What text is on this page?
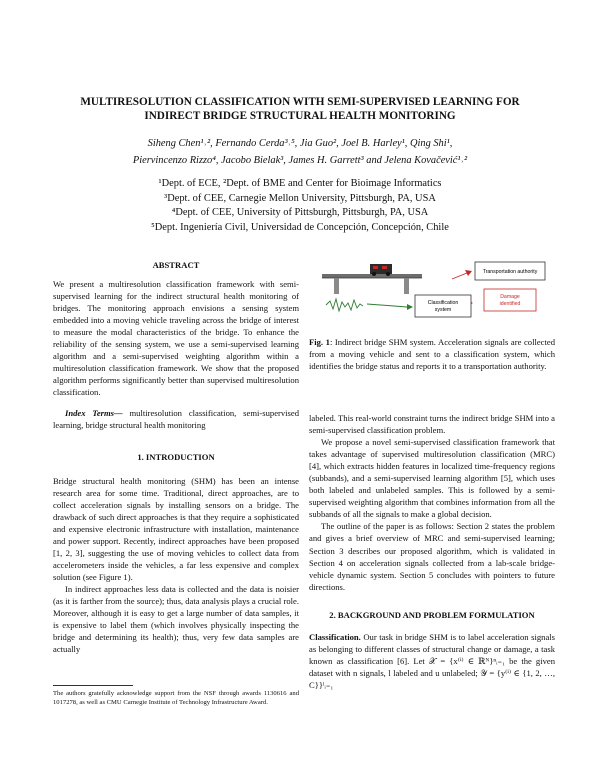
MULTIRESOLUTION CLASSIFICATION WITH SEMI-SUPERVISED LEARNING FOR
INDIRECT BRIDGE STRUCTURAL HEALTH MONITORING
Siheng Chen¹˒², Fernando Cerda³˒⁵, Jia Guo², Joel B. Harley¹, Qing Shi¹,
Piervincenzo Rizzo⁴, Jacobo Bielak³, James H. Garrett³ and Jelena Kovačević¹˒²
¹Dept. of ECE, ²Dept. of BME and Center for Bioimage Informatics
³Dept. of CEE, Carnegie Mellon University, Pittsburgh, PA, USA
⁴Dept. of CEE, University of Pittsburgh, Pittsburgh, PA, USA
⁵Dept. Ingeniería Civil, Universidad de Concepción, Concepción, Chile

ABSTRACT

We present a multiresolution classification framework with semi-supervised learning for the indirect structural health monitoring of bridges. The monitoring approach envisions a sensing system embedded into a moving vehicle traveling across the bridge of interest to measure the modal characteristics of the bridge. To enhance the reliability of the sensing system, we use a semi-supervised learning algorithm and a semi-supervised weighting algorithm within a multiresolution classification framework. We show that the proposed algorithm performs significantly better than supervised multiresolution classification.

Index Terms— multiresolution classification, semi-supervised learning, bridge structural health monitoring

1. INTRODUCTION

Bridge structural health monitoring (SHM) has been an intense research area for some time. Traditional, direct approaches, are to collect acceleration signals by installing sensors on a bridge. The drawback of such direct approaches is that they require a sophisticated and expensive electronic infrastructure with installation, maintenance and power support. Recently, indirect approaches have been proposed [1, 2, 3], suggesting the use of moving vehicles to collect data from accelerometers inside the vehicles, a far less expensive and complex solution (see Figure 1).

In indirect approaches less data is collected and the data is noisier (as it is farther from the source); thus, data analysis plays a crucial role. Moreover, although it is easy to get a large number of data samples, it is expensive to label them (which involves physically inspecting the bridge and determining its health); thus, very few data samples are actually

Classification
system
Transportation authority
Damage
identified
Fig. 1: Indirect bridge SHM system. Acceleration signals are collected from a moving vehicle and sent to a classification system, which identifies the bridge status and reports it to a transportation authority.

labeled. This real-world constraint turns the indirect bridge SHM into a semi-supervised classification problem.

We propose a novel semi-supervised classification framework that takes advantage of supervised multiresolution classification (MRC) [4], which extracts hidden features in localized time-frequency regions (subbands), and a semi-supervised learning algorithm [5], which uses both labeled and unlabeled samples. This is followed by a semi-supervised weighting algorithm that combines information from all the subbands of all the signals to make a global decision.

The outline of the paper is as follows: Section 2 states the problem and gives a brief overview of MRC and semi-supervised learning; Section 3 describes our proposed algorithm, which is validated in Section 4 on acceleration signals collected from a lab-scale bridge-vehicle dynamic system. Section 5 concludes with pointers to future directions.

2. BACKGROUND AND PROBLEM FORMULATION

Classification. Our task in bridge SHM is to label acceleration signals as belonging to different classes of structural change or damage, a task known as classification [6]. Let 𝒳 = {x⁽ⁱ⁾ ∈ ℝᴺ}ⁿᵢ₌₁ be the given dataset with n signals, l labeled and u unlabeled; 𝒴 = {y⁽ⁱ⁾ ∈ {1, 2, …, C}}ˡᵢ₌₁

The authors gratefully acknowledge support from the NSF through awards 1130616 and 1017278, as well as CMU Carnegie Institute of Technology Infrastructure Award.
